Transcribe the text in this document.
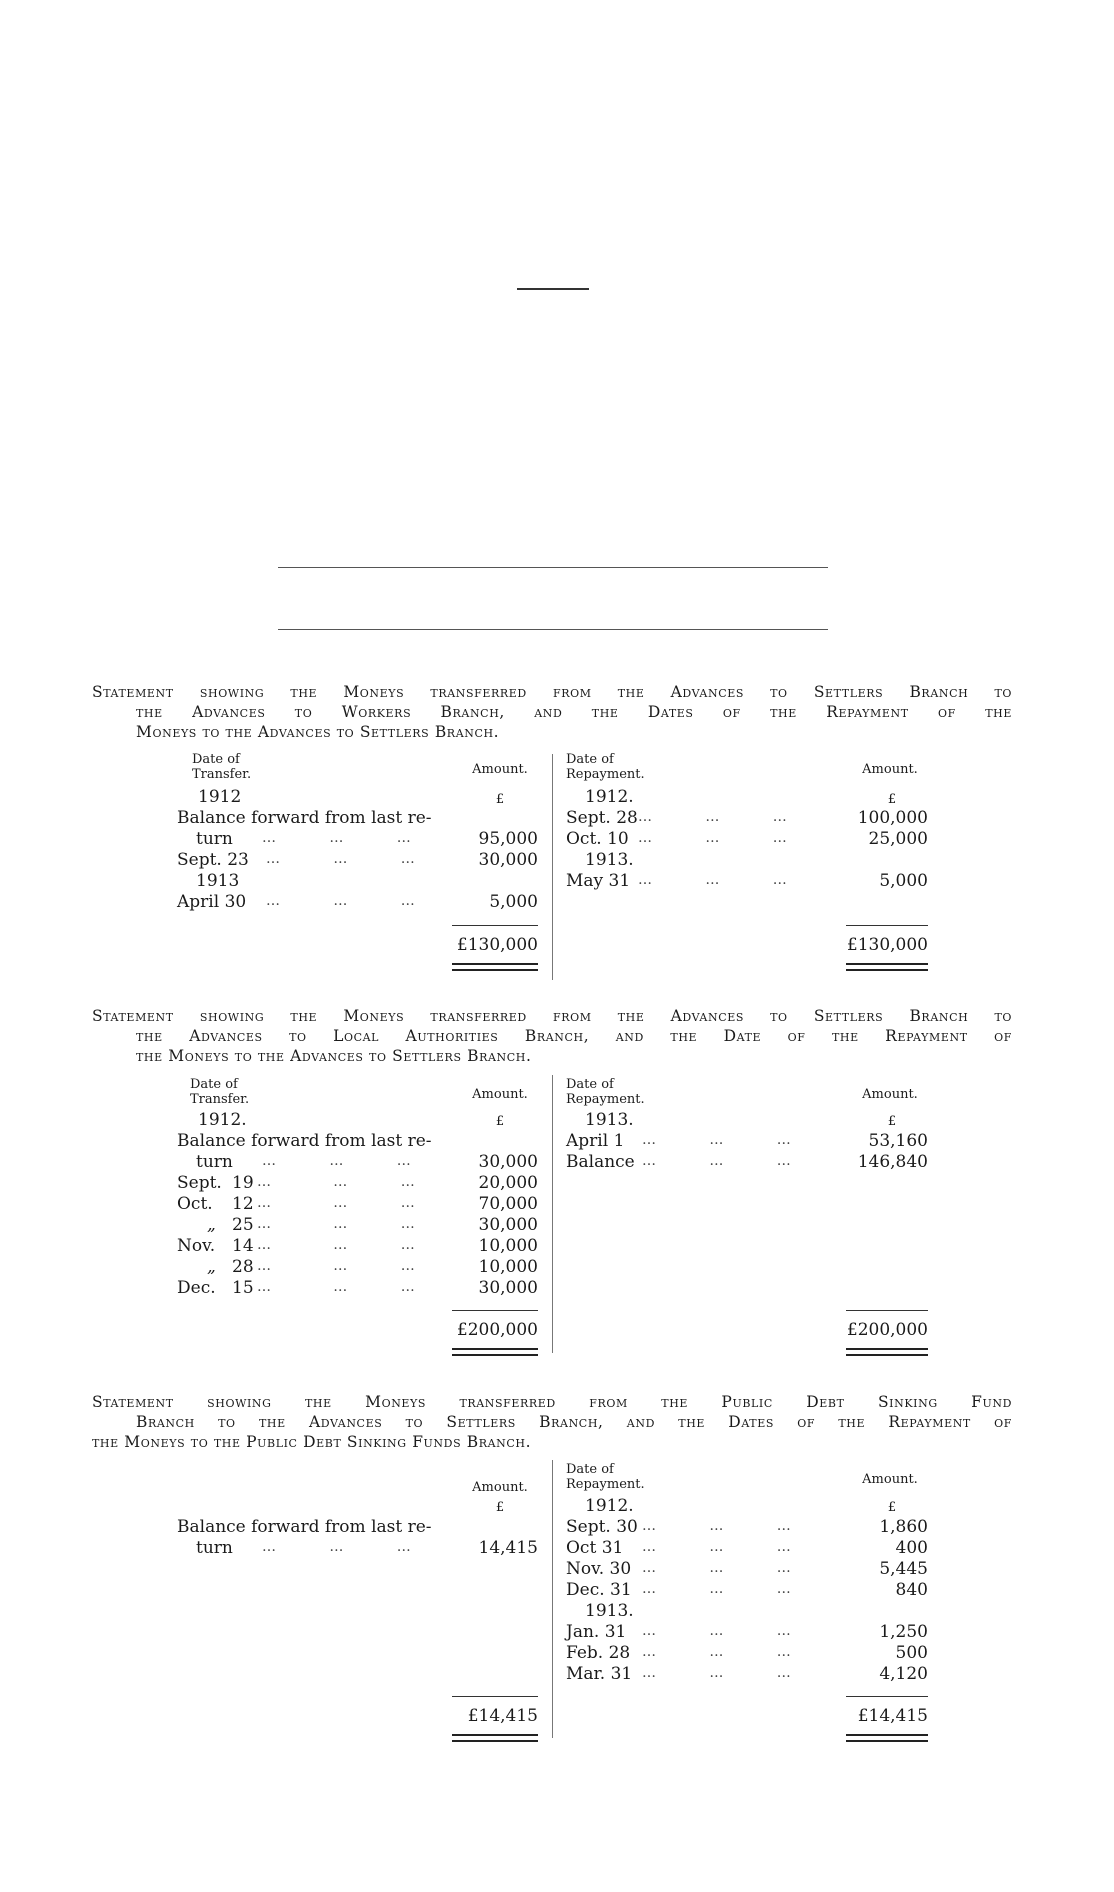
Statement showing the Moneys transferred from the Advances to Settlers Branch to
the Advances to Workers Branch, and the Dates of the Repayment of the
Moneys to the Advances to Settlers Branch.
Date of Transfer.	Amount.
1912	£
Balance forward from last re-
turn …            …            …	95,000
Sept. 23 …            …            …	30,000
1913
April 30 …            …            …	5,000
£130,000
Date of Repayment.	Amount.
1912.	£
Sept. 28 …            …            …	100,000
Oct. 10 …            …            …	25,000
1913.
May 31 …            …            …	5,000
£130,000
Statement showing the Moneys transferred from the Advances to Settlers Branch to
the Advances to Local Authorities Branch, and the Date of the Repayment of
the Moneys to the Advances to Settlers Branch.
Date of Transfer.	Amount.
1912.	£
Balance forward from last re-
turn …            …            …	30,000
Sept. 19 …              …            …	20,000
Oct. 12 …              …            …	70,000
„ 25 …              …            …	30,000
Nov. 14 …              …            …	10,000
„ 28 …              …            …	10,000
Dec. 15 …              …            …	30,000
£200,000
Date of Repayment.	Amount.
1913.	£
April 1 …            …            …	53,160
Balance …            …            …	146,840
£200,000
Statement showing the Moneys transferred from the Public Debt Sinking Fund
Branch to the Advances to Settlers Branch, and the Dates of the Repayment of
the Moneys to the Public Debt Sinking Funds Branch.
Amount.
£
Balance forward from last re-
turn …            …            …	14,415
£14,415
Date of Repayment.	Amount.
1912.	£
Sept. 30 …            …            …	1,860
Oct 31 …            …            …	400
Nov. 30 …            …            …	5,445
Dec. 31 …            …            …	840
1913.
Jan. 31 …            …            …	1,250
Feb. 28 …            …            …	500
Mar. 31 …            …            …	4,120
£14,415
